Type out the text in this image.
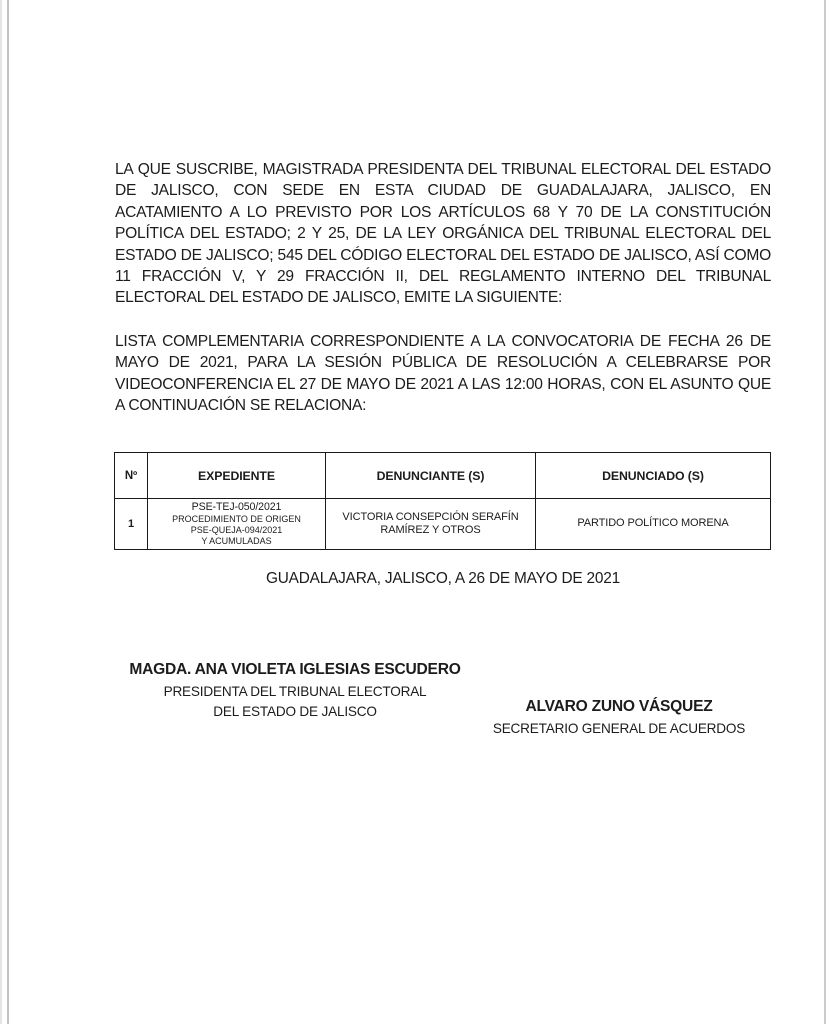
LA QUE SUSCRIBE, MAGISTRADA PRESIDENTA DEL TRIBUNAL ELECTORAL DEL ESTADO DE JALISCO, CON SEDE EN ESTA CIUDAD DE GUADALAJARA, JALISCO, EN ACATAMIENTO A LO PREVISTO POR LOS ARTÍCULOS 68 Y 70 DE LA CONSTITUCIÓN POLÍTICA DEL ESTADO; 2 Y 25, DE LA LEY ORGÁNICA DEL TRIBUNAL ELECTORAL DEL ESTADO DE JALISCO; 545 DEL CÓDIGO ELECTORAL DEL ESTADO DE JALISCO, ASÍ COMO 11 FRACCIÓN V, Y 29 FRACCIÓN II, DEL REGLAMENTO INTERNO DEL TRIBUNAL ELECTORAL DEL ESTADO DE JALISCO, EMITE LA SIGUIENTE:

LISTA COMPLEMENTARIA CORRESPONDIENTE A LA CONVOCATORIA DE FECHA 26 DE MAYO DE 2021, PARA LA SESIÓN PÚBLICA DE RESOLUCIÓN A CELEBRARSE POR VIDEOCONFERENCIA EL 27 DE MAYO DE 2021 A LAS 12:00 HORAS, CON EL ASUNTO QUE A CONTINUACIÓN SE RELACIONA:

Nº	EXPEDIENTE	DENUNCIANTE (S)	DENUNCIADO (S)
1	PSE-TEJ-050/2021
PROCEDIMIENTO DE ORIGEN
PSE-QUEJA-094/2021
Y ACUMULADAS	VICTORIA CONSEPCIÓN SERAFÍN RAMÍREZ Y OTROS	PARTIDO POLÍTICO MORENA
GUADALAJARA, JALISCO, A 26 DE MAYO DE 2021
MAGDA. ANA VIOLETA IGLESIAS ESCUDERO
PRESIDENTA DEL TRIBUNAL ELECTORAL
DEL ESTADO DE JALISCO	ALVARO ZUNO VÁSQUEZ
SECRETARIO GENERAL DE ACUERDOS
